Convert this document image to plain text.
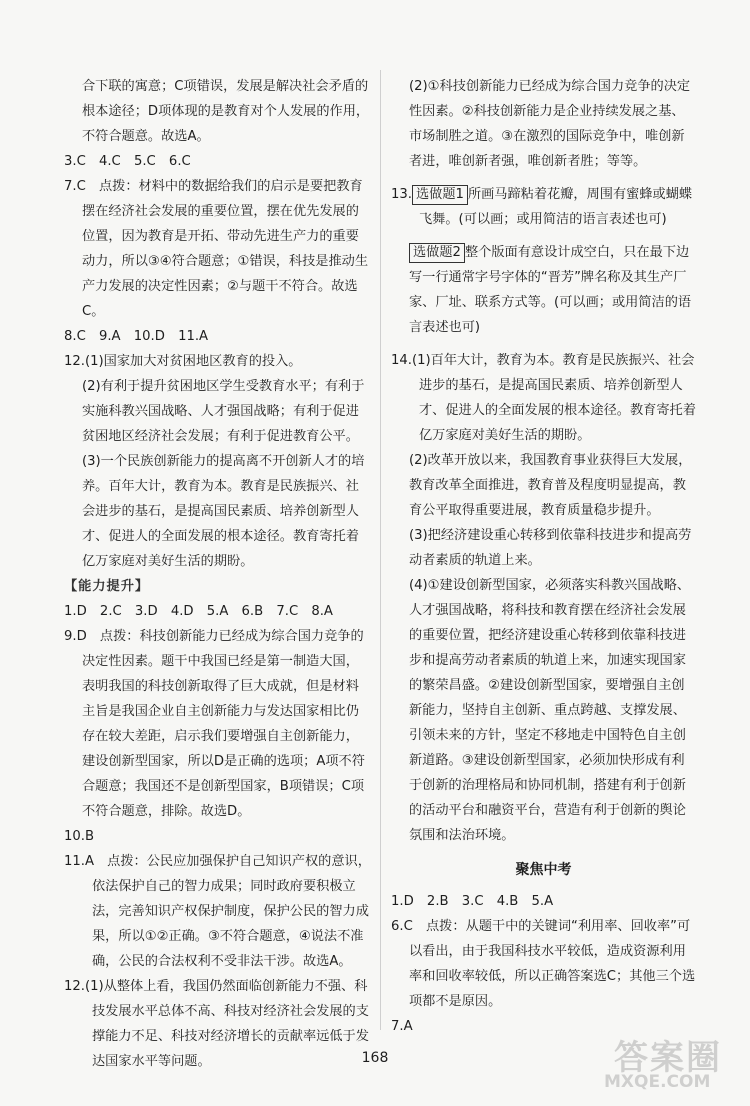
合下联的寓意；C项错误，发展是解决社会矛盾的根本途径；D项体现的是教育对个人发展的作用，不符合题意。故选A。
3.C　4.C　5.C　6.C
7.C　点拨：材料中的数据给我们的启示是要把教育摆在经济社会发展的重要位置，摆在优先发展的位置，因为教育是开拓、带动先进生产力的重要动力，所以③④符合题意；①错误，科技是推动生产力发展的决定性因素；②与题干不符合。故选C。
8.C　9.A　10.D　11.A
12.(1)国家加大对贫困地区教育的投入。
(2)有利于提升贫困地区学生受教育水平；有利于实施科教兴国战略、人才强国战略；有利于促进贫困地区经济社会发展；有利于促进教育公平。
(3)一个民族创新能力的提高离不开创新人才的培养。百年大计，教育为本。教育是民族振兴、社会进步的基石，是提高国民素质、培养创新型人才、促进人的全面发展的根本途径。教育寄托着亿万家庭对美好生活的期盼。
【能力提升】
1.D　2.C　3.D　4.D　5.A　6.B　7.C　8.A
9.D　点拨：科技创新能力已经成为综合国力竞争的决定性因素。题干中我国已经是第一制造大国，表明我国的科技创新取得了巨大成就，但是材料主旨是我国企业自主创新能力与发达国家相比仍存在较大差距，启示我们要增强自主创新能力，建设创新型国家，所以D是正确的选项；A项不符合题意；我国还不是创新型国家，B项错误；C项不符合题意，排除。故选D。
10.B
11.A　点拨：公民应加强保护自己知识产权的意识，依法保护自己的智力成果；同时政府要积极立法，完善知识产权保护制度，保护公民的智力成果，所以①②正确。③不符合题意，④说法不准确，公民的合法权利不受非法干涉。故选A。
12.(1)从整体上看，我国仍然面临创新能力不强、科技发展水平总体不高、科技对经济社会发展的支撑能力不足、科技对经济增长的贡献率远低于发达国家水平等问题。
(2)①科技创新能力已经成为综合国力竞争的决定性因素。②科技创新能力是企业持续发展之基、市场制胜之道。③在激烈的国际竞争中，唯创新者进，唯创新者强，唯创新者胜；等等。
13. 选做题1 所画马蹄粘着花瓣，周围有蜜蜂或蝴蝶飞舞。(可以画；或用简洁的语言表述也可)
选做题2 整个版面有意设计成空白，只在最下边写一行通常字号字体的“晋芳”牌名称及其生产厂家、厂址、联系方式等。(可以画；或用简洁的语言表述也可)
14.(1)百年大计，教育为本。教育是民族振兴、社会进步的基石，是提高国民素质、培养创新型人才、促进人的全面发展的根本途径。教育寄托着亿万家庭对美好生活的期盼。
(2)改革开放以来，我国教育事业获得巨大发展，教育改革全面推进，教育普及程度明显提高，教育公平取得重要进展，教育质量稳步提升。
(3)把经济建设重心转移到依靠科技进步和提高劳动者素质的轨道上来。
(4)①建设创新型国家，必须落实科教兴国战略、人才强国战略，将科技和教育摆在经济社会发展的重要位置，把经济建设重心转移到依靠科技进步和提高劳动者素质的轨道上来，加速实现国家的繁荣昌盛。②建设创新型国家，要增强自主创新能力，坚持自主创新、重点跨越、支撑发展、引领未来的方针，坚定不移地走中国特色自主创新道路。③建设创新型国家，必须加快形成有利于创新的治理格局和协同机制，搭建有利于创新的活动平台和融资平台，营造有利于创新的舆论氛围和法治环境。
聚焦中考
1.D　2.B　3.C　4.B　5.A
6.C　点拨：从题干中的关键词“利用率、回收率”可以看出，由于我国科技水平较低，造成资源利用率和回收率较低，所以正确答案选C；其他三个选项都不是原因。
7.A
168	答案圈
MXQE.COM
